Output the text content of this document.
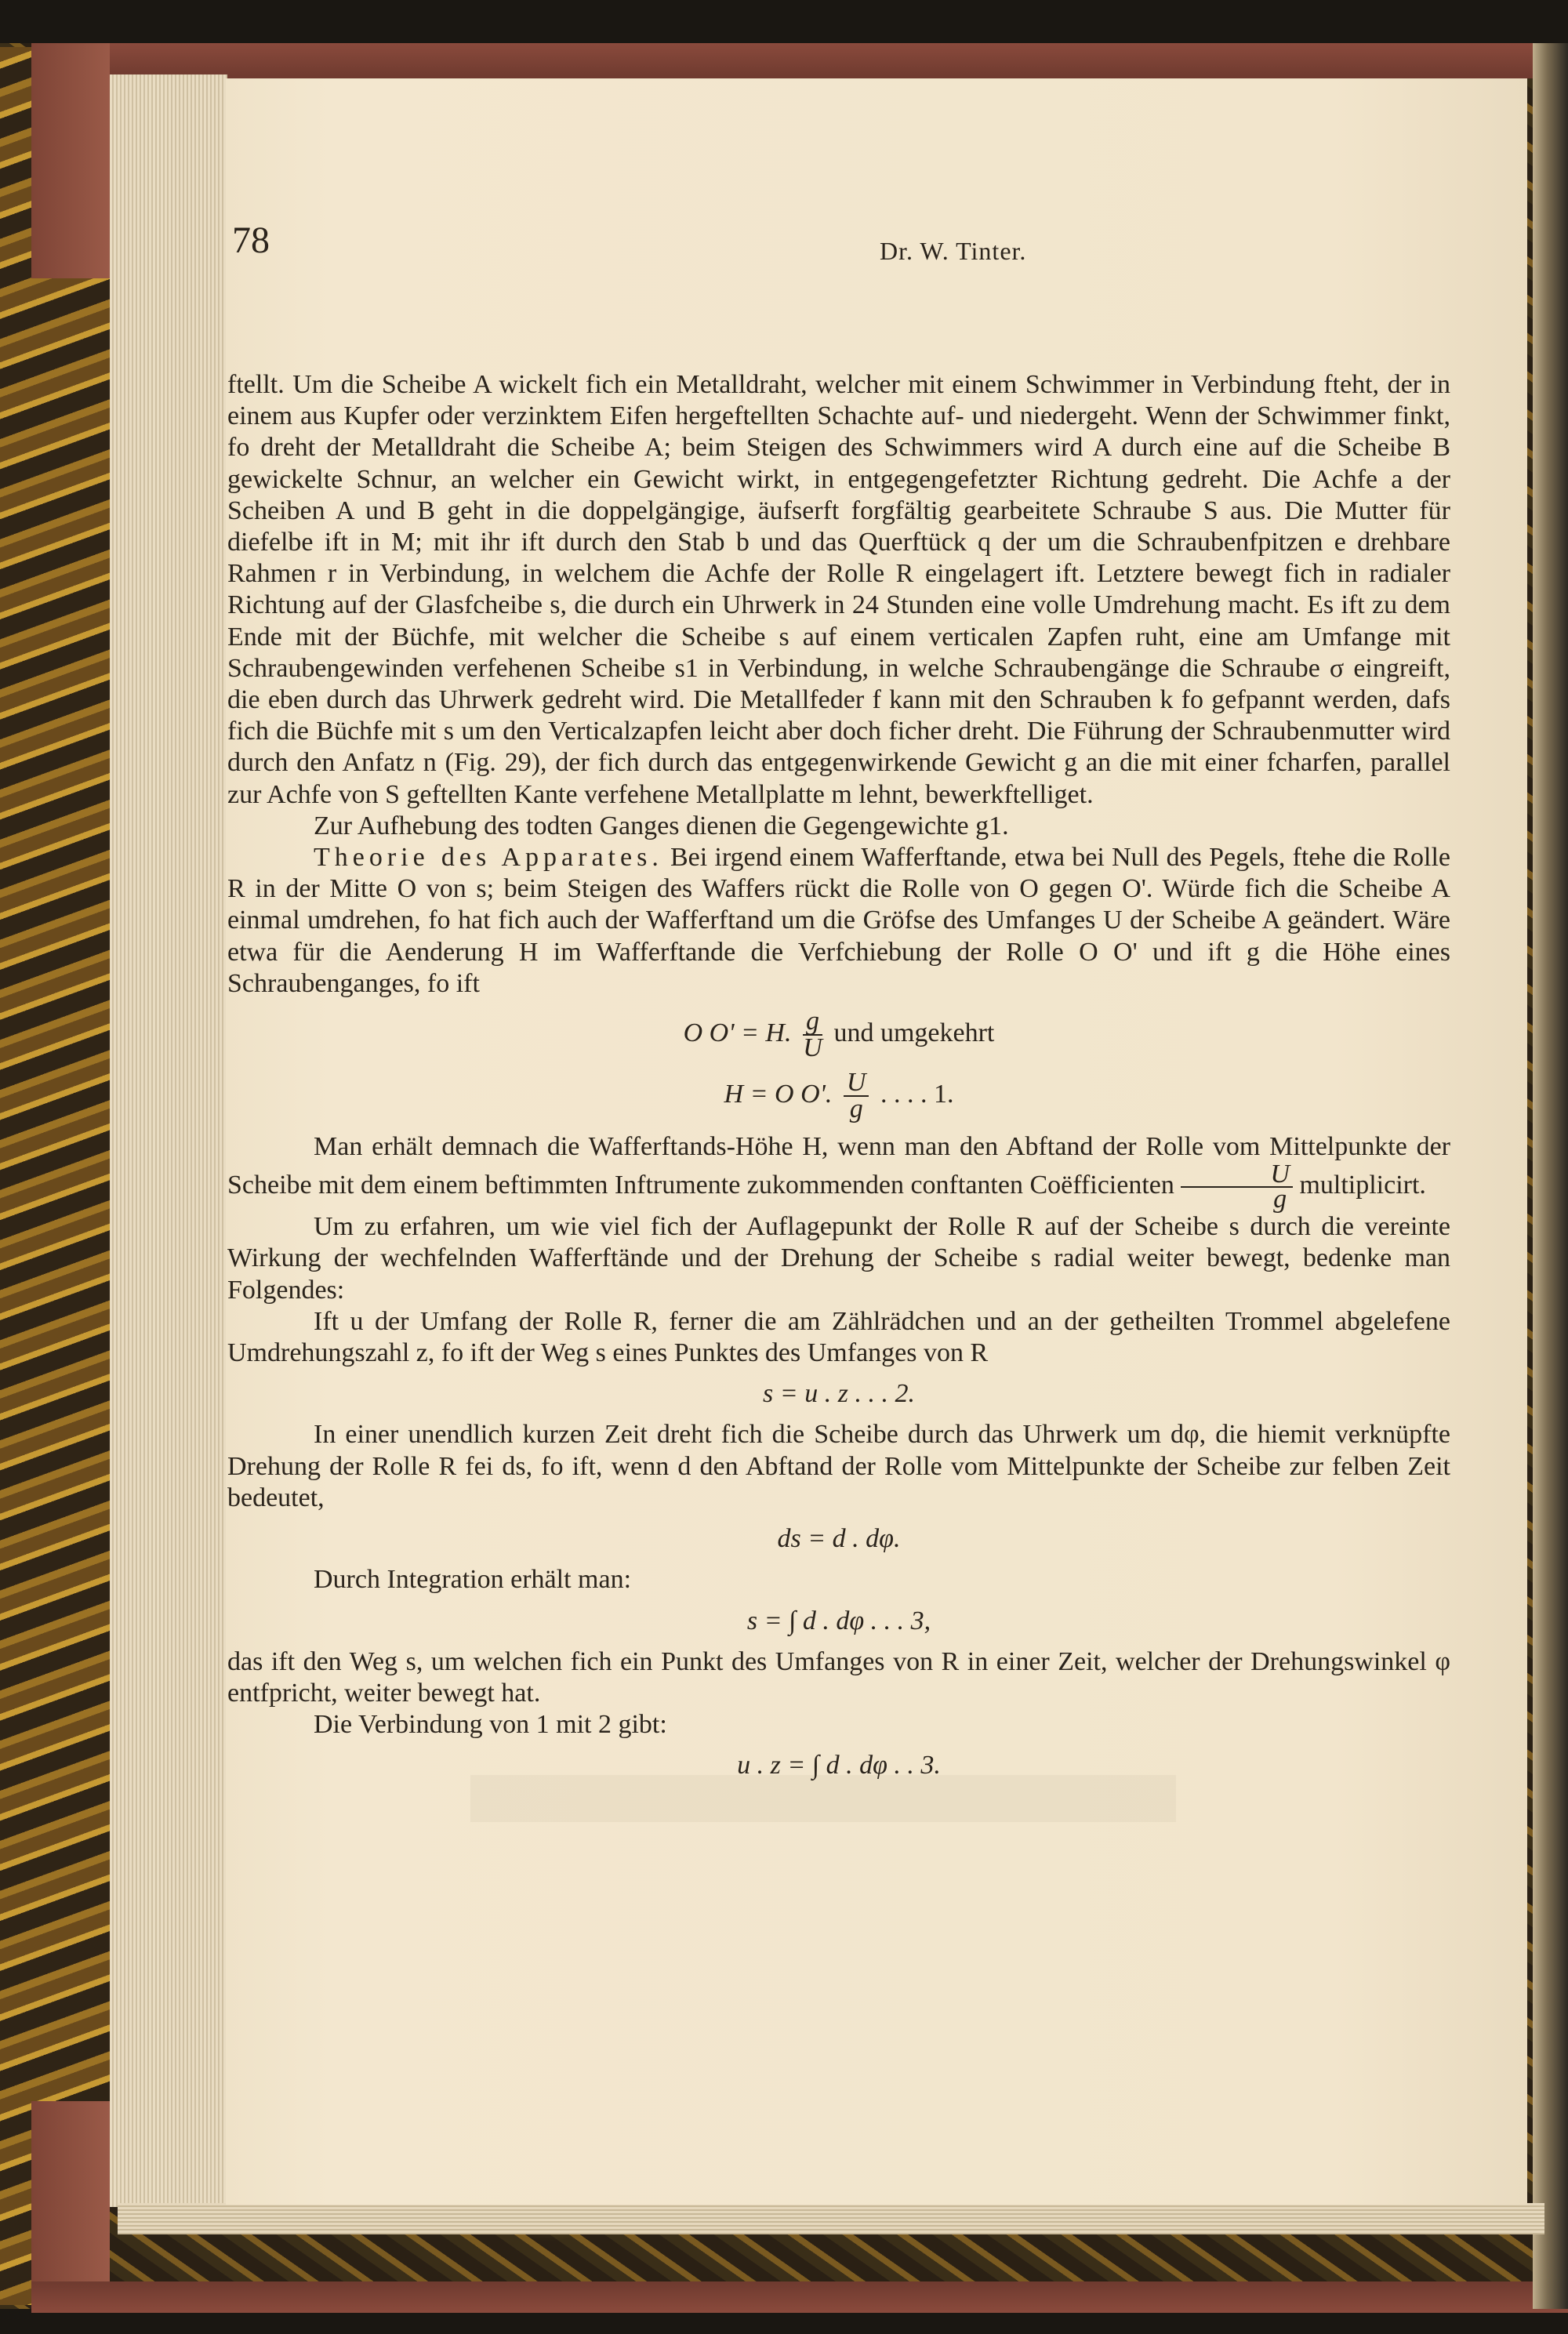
78	Dr. W. Tinter.

ftellt. Um die Scheibe A wickelt fich ein Metalldraht, welcher mit einem Schwimmer in Verbindung fteht, der in einem aus Kupfer oder verzinktem Eifen hergeftellten Schachte auf- und niedergeht. Wenn der Schwimmer finkt, fo dreht der Metalldraht die Scheibe A; beim Steigen des Schwimmers wird A durch eine auf die Scheibe B gewickelte Schnur, an welcher ein Gewicht wirkt, in entgegengefetzter Richtung gedreht. Die Achfe a der Scheiben A und B geht in die doppelgängige, äufserft forgfältig gearbeitete Schraube S aus. Die Mutter für diefelbe ift in M; mit ihr ift durch den Stab b und das Querftück q der um die Schraubenfpitzen e drehbare Rahmen r in Verbindung, in welchem die Achfe der Rolle R eingelagert ift. Letztere bewegt fich in radialer Richtung auf der Glasfcheibe s, die durch ein Uhrwerk in 24 Stunden eine volle Umdrehung macht. Es ift zu dem Ende mit der Büchfe, mit welcher die Scheibe s auf einem verticalen Zapfen ruht, eine am Umfange mit Schraubengewinden verfehenen Scheibe s1 in Verbindung, in welche Schraubengänge die Schraube σ eingreift, die eben durch das Uhrwerk gedreht wird. Die Metallfeder f kann mit den Schrauben k fo gefpannt werden, dafs fich die Büchfe mit s um den Verticalzapfen leicht aber doch ficher dreht. Die Führung der Schraubenmutter wird durch den Anfatz n (Fig. 29), der fich durch das entgegenwirkende Gewicht g an die mit einer fcharfen, parallel zur Achfe von S geftellten Kante verfehene Metallplatte m lehnt, bewerkftelliget.

Zur Aufhebung des todten Ganges dienen die Gegengewichte g1.

Theorie des Apparates. Bei irgend einem Wafferftande, etwa bei Null des Pegels, ftehe die Rolle R in der Mitte O von s; beim Steigen des Waffers rückt die Rolle von O gegen O'. Würde fich die Scheibe A einmal umdrehen, fo hat fich auch der Wafferftand um die Gröfse des Umfanges U der Scheibe A geändert. Wäre etwa für die Aenderung H im Wafferftande die Verfchiebung der Rolle O O' und ift g die Höhe eines Schraubenganges, fo ift

O O' = H. $\frac{g}{U}$ und umgekehrt
H = O O'. $\frac{U}{g}$ . . . . 1.

Man erhält demnach die Wafferftands-Höhe H, wenn man den Abftand der Rolle vom Mittelpunkte der Scheibe mit dem einem beftimmten Inftrumente zukommenden conftanten Coëfficienten $\frac{U}{g}$ multiplicirt.

Um zu erfahren, um wie viel fich der Auflagepunkt der Rolle R auf der Scheibe s durch die vereinte Wirkung der wechfelnden Wafferftände und der Drehung der Scheibe s radial weiter bewegt, bedenke man Folgendes:

Ift u der Umfang der Rolle R, ferner die am Zählrädchen und an der getheilten Trommel abgelefene Umdrehungszahl z, fo ift der Weg s eines Punktes des Umfanges von R

s = u . z . . . 2.

In einer unendlich kurzen Zeit dreht fich die Scheibe durch das Uhrwerk um dφ, die hiemit verknüpfte Drehung der Rolle R fei ds, fo ift, wenn d den Abftand der Rolle vom Mittelpunkte der Scheibe zur felben Zeit bedeutet,

ds = d . dφ.

Durch Integration erhält man:

s = ∫ d . dφ . . . 3,

das ift den Weg s, um welchen fich ein Punkt des Umfanges von R in einer Zeit, welcher der Drehungswinkel φ entfpricht, weiter bewegt hat.

Die Verbindung von 1 mit 2 gibt:

u . z = ∫ d . dφ . . 3.
